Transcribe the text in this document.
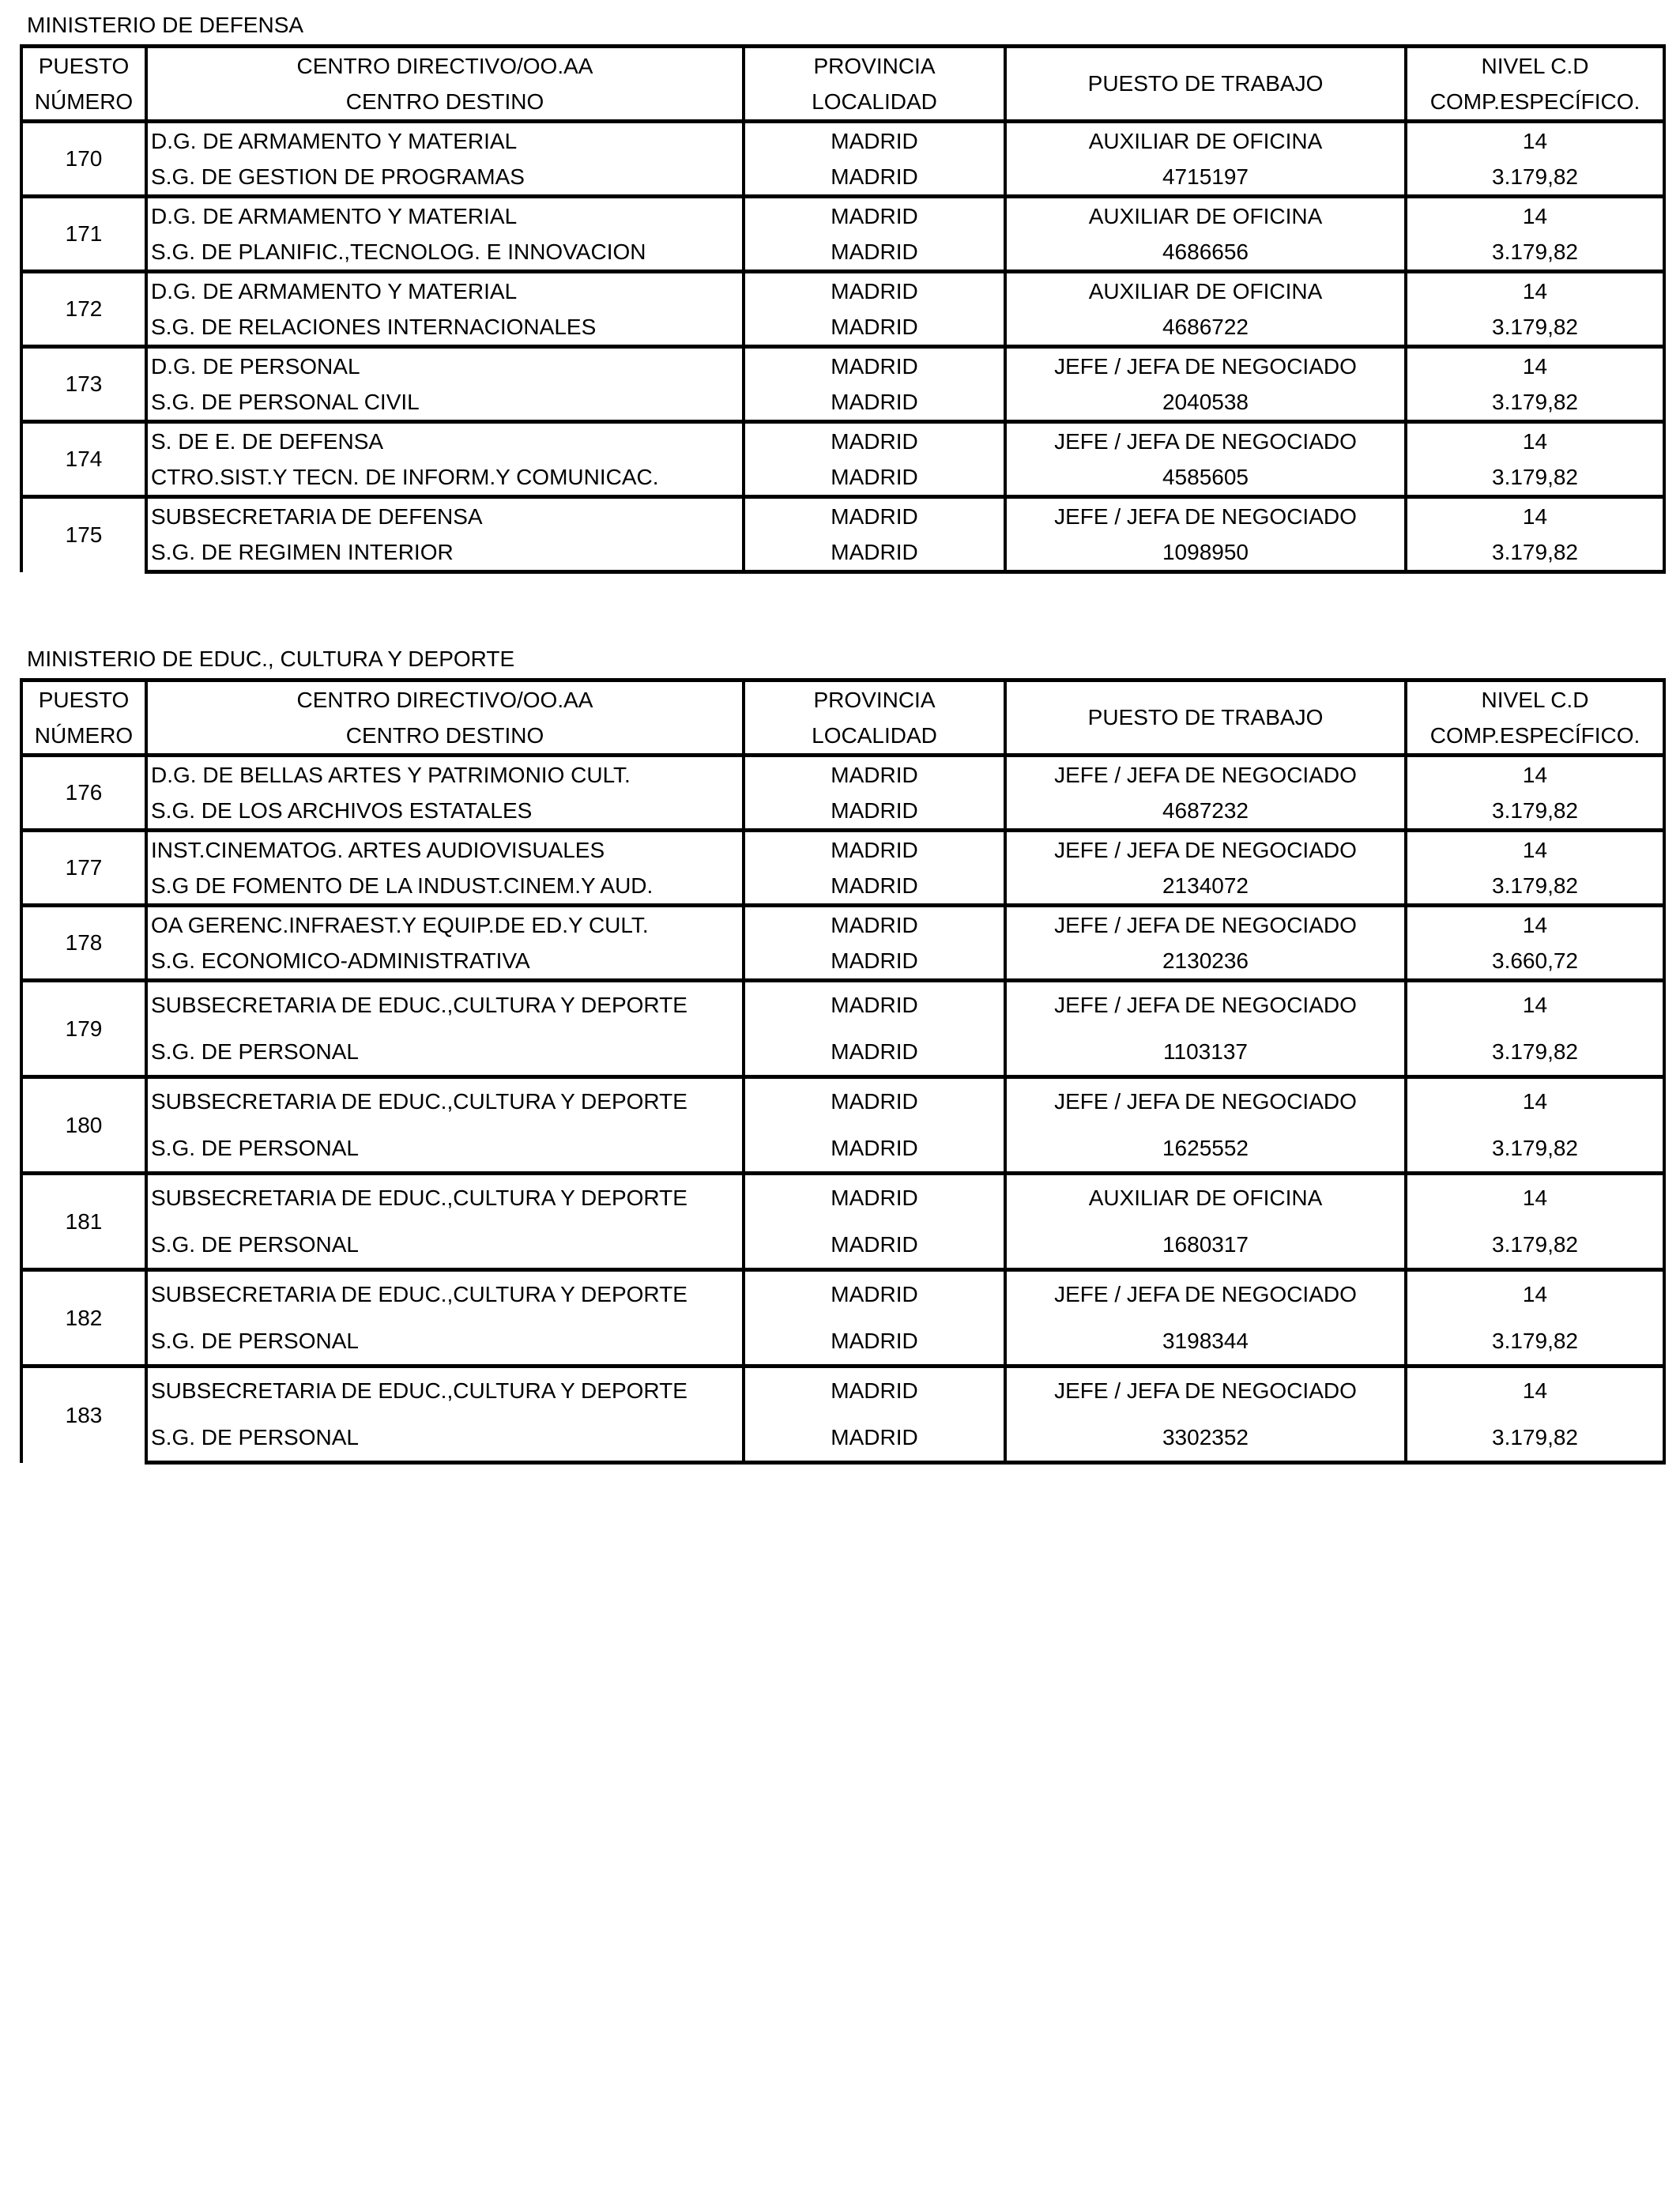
MINISTERIO DE DEFENSA
PUESTO	CENTRO DIRECTIVO/OO.AA	PROVINCIA	PUESTO DE TRABAJO	NIVEL C.D
NÚMERO	CENTRO DESTINO	LOCALIDAD		COMP.ESPECÍFICO.
170	D.G. DE ARMAMENTO Y MATERIAL	MADRID	AUXILIAR DE OFICINA	14
	S.G. DE GESTION DE PROGRAMAS	MADRID	4715197	3.179,82
171	D.G. DE ARMAMENTO Y MATERIAL	MADRID	AUXILIAR DE OFICINA	14
	S.G. DE PLANIFIC.,TECNOLOG. E INNOVACION	MADRID	4686656	3.179,82
172	D.G. DE ARMAMENTO Y MATERIAL	MADRID	AUXILIAR DE OFICINA	14
	S.G. DE RELACIONES INTERNACIONALES	MADRID	4686722	3.179,82
173	D.G. DE PERSONAL	MADRID	JEFE / JEFA DE NEGOCIADO	14
	S.G. DE PERSONAL CIVIL	MADRID	2040538	3.179,82
174	S. DE E. DE DEFENSA	MADRID	JEFE / JEFA DE NEGOCIADO	14
	CTRO.SIST.Y TECN. DE INFORM.Y COMUNICAC.	MADRID	4585605	3.179,82
175	SUBSECRETARIA DE DEFENSA	MADRID	JEFE / JEFA DE NEGOCIADO	14
	S.G. DE REGIMEN INTERIOR	MADRID	1098950	3.179,82
MINISTERIO DE EDUC., CULTURA Y DEPORTE
PUESTO	CENTRO DIRECTIVO/OO.AA	PROVINCIA	PUESTO DE TRABAJO	NIVEL C.D
NÚMERO	CENTRO DESTINO	LOCALIDAD		COMP.ESPECÍFICO.
176	D.G. DE BELLAS ARTES Y PATRIMONIO CULT.	MADRID	JEFE / JEFA DE NEGOCIADO	14
	S.G. DE LOS ARCHIVOS ESTATALES	MADRID	4687232	3.179,82
177	INST.CINEMATOG. ARTES AUDIOVISUALES	MADRID	JEFE / JEFA DE NEGOCIADO	14
	S.G DE FOMENTO DE LA INDUST.CINEM.Y AUD.	MADRID	2134072	3.179,82
178	OA GERENC.INFRAEST.Y EQUIP.DE ED.Y CULT.	MADRID	JEFE / JEFA DE NEGOCIADO	14
	S.G. ECONOMICO-ADMINISTRATIVA	MADRID	2130236	3.660,72
179	SUBSECRETARIA DE EDUC.,CULTURA Y DEPORTE	MADRID	JEFE / JEFA DE NEGOCIADO	14
	S.G. DE PERSONAL	MADRID	1103137	3.179,82
180	SUBSECRETARIA DE EDUC.,CULTURA Y DEPORTE	MADRID	JEFE / JEFA DE NEGOCIADO	14
	S.G. DE PERSONAL	MADRID	1625552	3.179,82
181	SUBSECRETARIA DE EDUC.,CULTURA Y DEPORTE	MADRID	AUXILIAR DE OFICINA	14
	S.G. DE PERSONAL	MADRID	1680317	3.179,82
182	SUBSECRETARIA DE EDUC.,CULTURA Y DEPORTE	MADRID	JEFE / JEFA DE NEGOCIADO	14
	S.G. DE PERSONAL	MADRID	3198344	3.179,82
183	SUBSECRETARIA DE EDUC.,CULTURA Y DEPORTE	MADRID	JEFE / JEFA DE NEGOCIADO	14
	S.G. DE PERSONAL	MADRID	3302352	3.179,82
